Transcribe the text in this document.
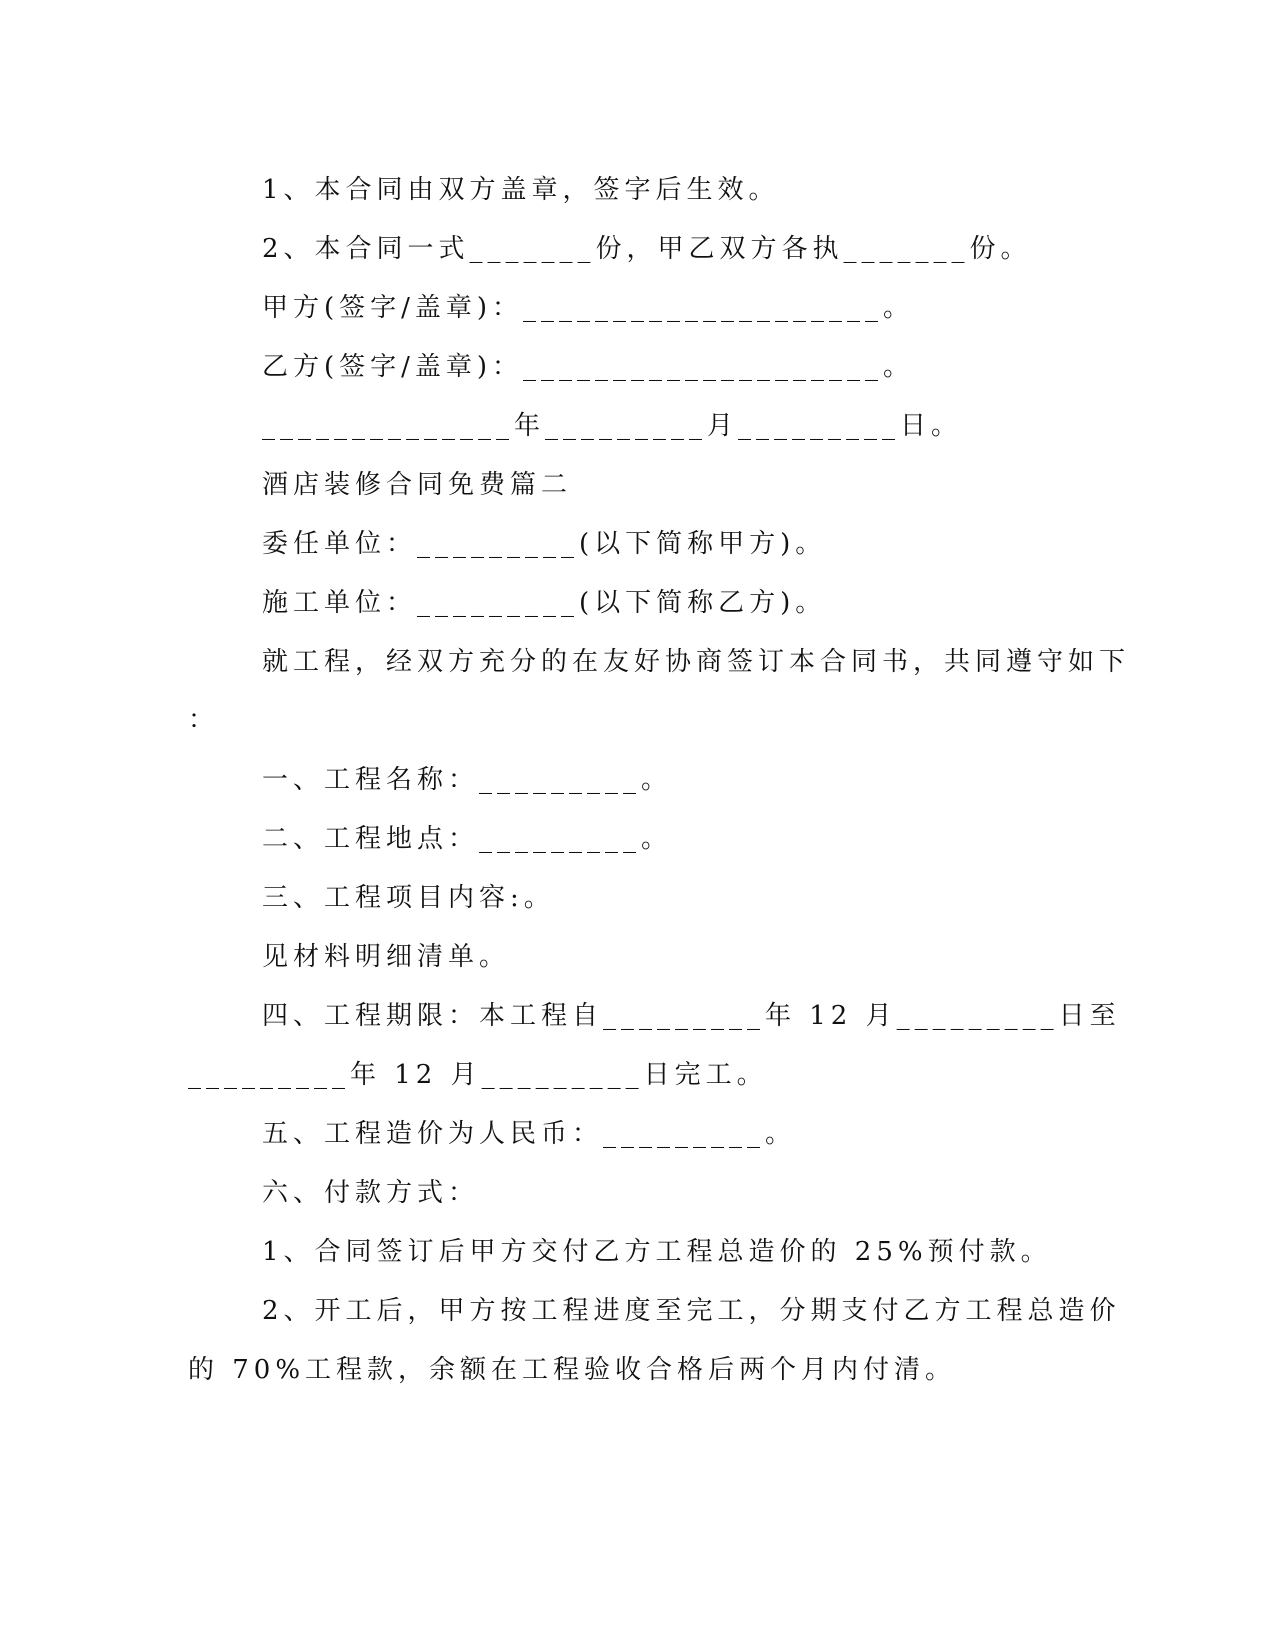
1、本合同由双方盖章，签字后生效。
2、本合同一式_______份，甲乙双方各执_______份。
甲方(签字/盖章)：____________________。
乙方(签字/盖章)：____________________。
______________年_________月_________日。
酒店装修合同免费篇二
委任单位：_________(以下简称甲方)。
施工单位：_________(以下简称乙方)。
就工程，经双方充分的在友好协商签订本合同书，共同遵守如下
：
一、工程名称：_________。
二、工程地点：_________。
三、工程项目内容:。
见材料明细清单。
四、工程期限：本工程自_________年 12 月_________日至
_________年 12 月_________日完工。
五、工程造价为人民币：_________。
六、付款方式：
1、合同签订后甲方交付乙方工程总造价的 25%预付款。
2、开工后，甲方按工程进度至完工，分期支付乙方工程总造价
的 70%工程款，余额在工程验收合格后两个月内付清。
